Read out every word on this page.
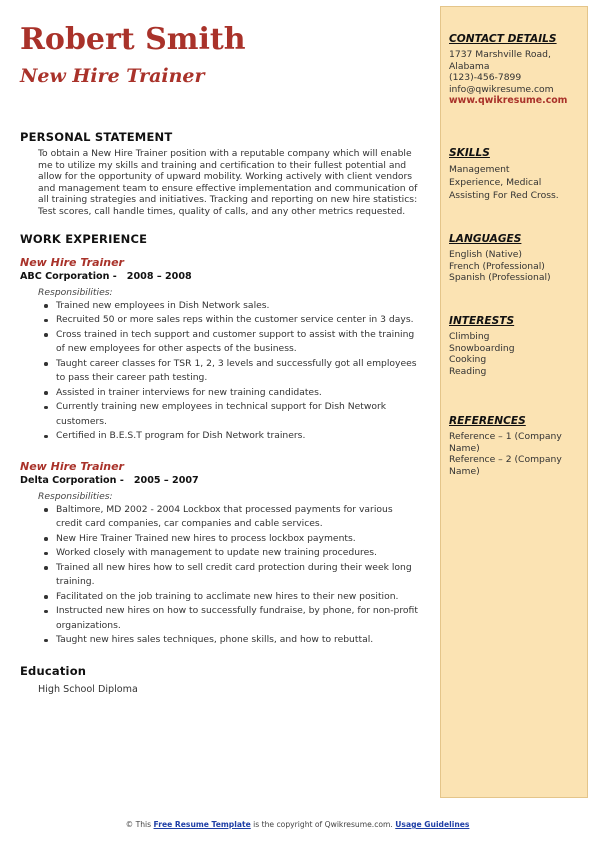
Robert Smith
New Hire Trainer
PERSONAL STATEMENT

To obtain a New Hire Trainer position with a reputable company which will enable me to utilize my skills and training and certification to their fullest potential and allow for the opportunity of upward mobility. Working actively with client vendors and management team to ensure effective implementation and communication of all training strategies and initiatives. Tracking and reporting on new hire statistics: Test scores, call handle times, quality of calls, and any other metrics requested.

WORK EXPERIENCE

New Hire Trainer

ABC Corporation - 2008 – 2008

Responsibilities:

Trained new employees in Dish Network sales.
Recruited 50 or more sales reps within the customer service center in 3 days.
Cross trained in tech support and customer support to assist with the training of new employees for other aspects of the business.
Taught career classes for TSR 1, 2, 3 levels and successfully got all employees to pass their career path testing.
Assisted in trainer interviews for new training candidates.
Currently training new employees in technical support for Dish Network customers.
Certified in B.E.S.T program for Dish Network trainers.

New Hire Trainer

Delta Corporation - 2005 – 2007

Responsibilities:

Baltimore, MD 2002 - 2004 Lockbox that processed payments for various credit card companies, car companies and cable services.
New Hire Trainer Trained new hires to process lockbox payments.
Worked closely with management to update new training procedures.
Trained all new hires how to sell credit card protection during their week long training.
Facilitated on the job training to acclimate new hires to their new position.
Instructed new hires on how to successfully fundraise, by phone, for non-profit organizations.
Taught new hires sales techniques, phone skills, and how to rebuttal.
Education

High School Diploma

CONTACT DETAILS

1737 Marshville Road,

Alabama

(123)-456-7899

info@qwikresume.com

www.qwikresume.com

SKILLS

Management

Experience, Medical

Assisting For Red Cross.

LANGUAGES

English (Native)

French (Professional)

Spanish (Professional)

INTERESTS

Climbing

Snowboarding

Cooking

Reading

REFERENCES

Reference – 1 (Company

Name)

Reference – 2 (Company

Name)

© This Free Resume Template is the copyright of Qwikresume.com. Usage Guidelines
